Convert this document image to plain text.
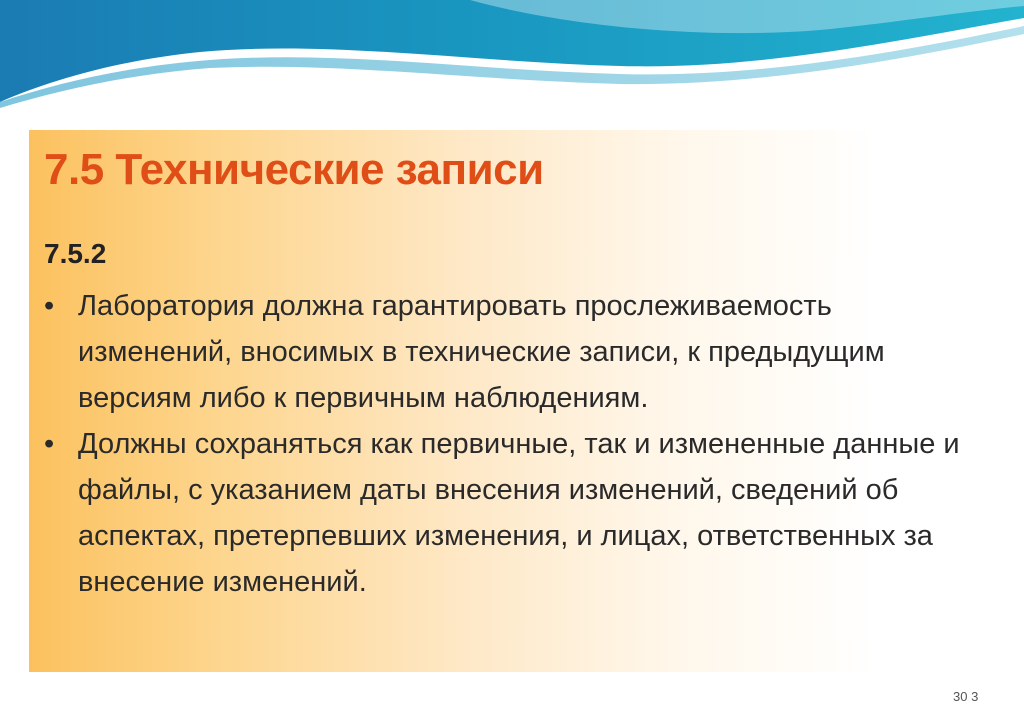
7.5 Технические записи
7.5.2
• Лаборатория должна гарантировать прослеживаемость изменений, вносимых в технические записи, к предыдущим версиям либо к первичным наблюдениям.
• Должны сохраняться как первичные, так и измененные данные и файлы, с указанием даты внесения изменений, сведений об аспектах, претерпевших изменения, и лицах, ответственных за внесение изменений.
30 3
